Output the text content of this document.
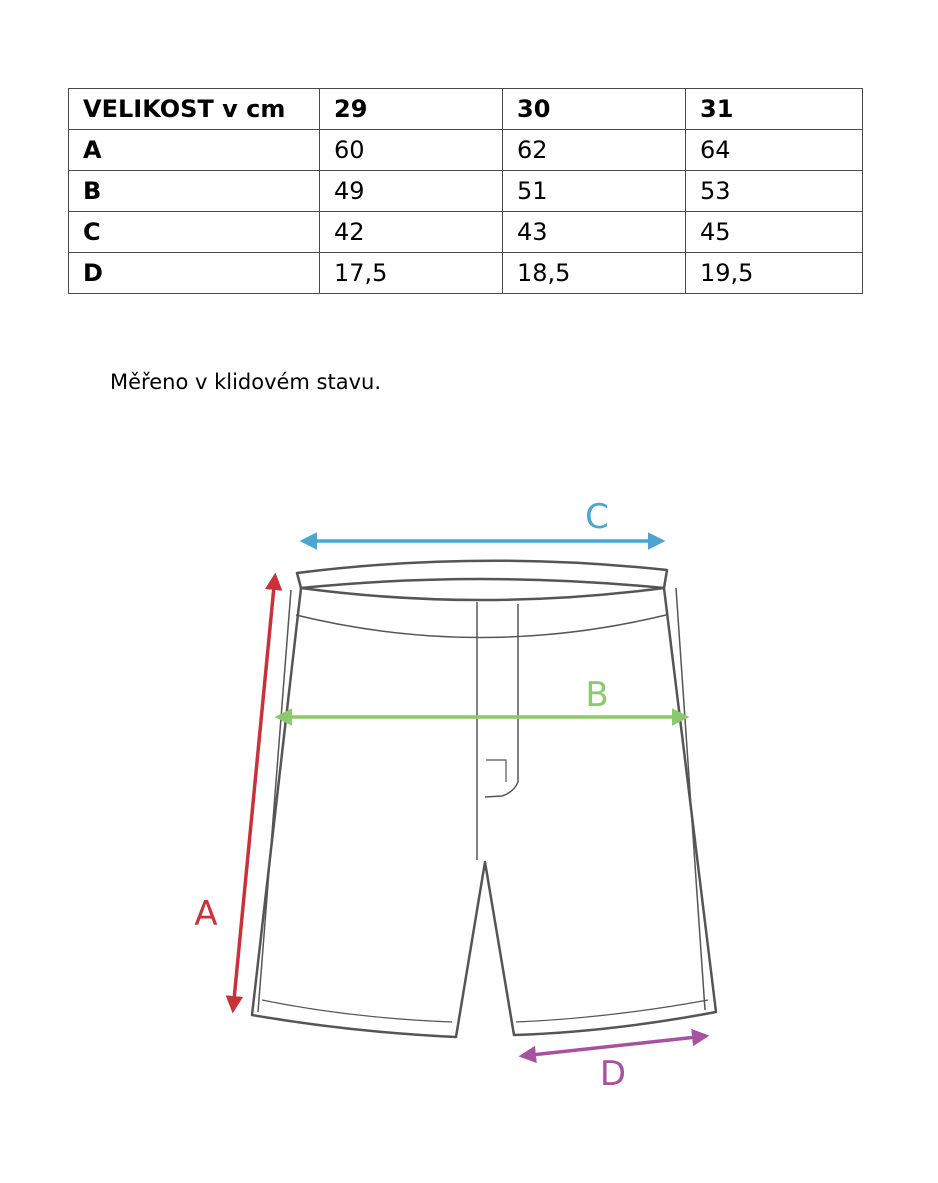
VELIKOST v cm	29	30	31
A	60	62	64
B	49	51	53
C	42	43	45
D	17,5	18,5	19,5
Měřeno v klidovém stavu.
C
B
A
D
